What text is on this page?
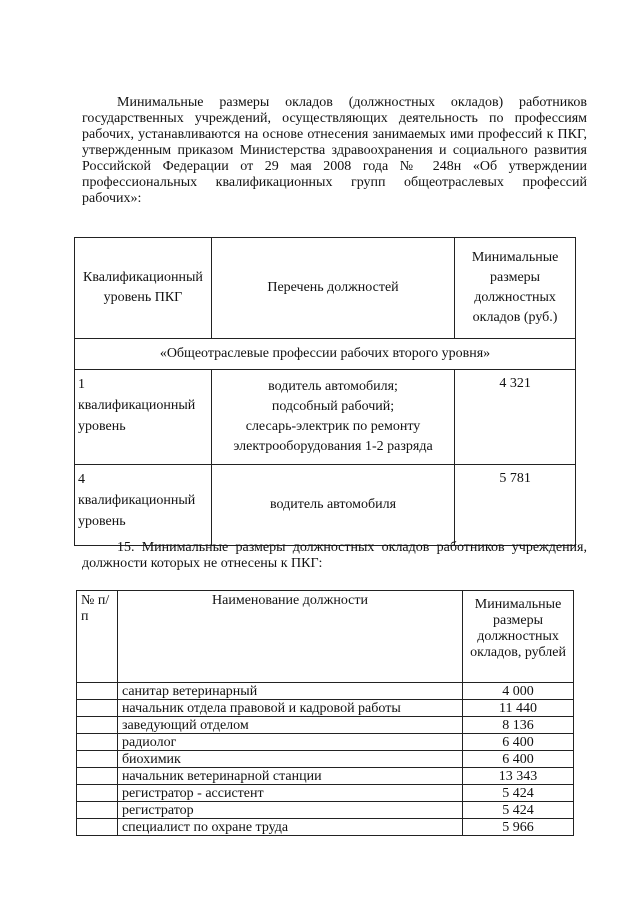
Минимальные размеры окладов (должностных окладов) работников государственных учреждений, осуществляющих деятельность по профессиям рабочих, устанавливаются на основе отнесения занимаемых ими профессий к ПКГ, утвержденным приказом Министерства здравоохранения и социального развития Российской Федерации от 29 мая 2008 года № 248н «Об утверждении профессиональных квалификационных групп общеотраслевых профессий рабочих»:

Квалификационный уровень ПКГ	Перечень должностей	Минимальные размеры должностных окладов (руб.)
«Общеотраслевые профессии рабочих второго уровня»		

1
квалификационный
уровень	водитель автомобиля;
подсобный рабочий;
слесарь-электрик по ремонту
электрооборудования 1-2 разряда	4 321

4
квалификационный
уровень	водитель автомобиля	5 781

15. Минимальные размеры должностных окладов работников учреждения, должности которых не отнесены к ПКГ:

№ п/п	Наименование должности	Минимальные размеры должностных окладов, рублей
	санитар ветеринарный	4 000
	начальник отдела правовой и кадровой работы	11 440
	заведующий отделом	8 136
	радиолог	6 400
	биохимик	6 400
	начальник ветеринарной станции	13 343
	регистратор - ассистент	5 424
	регистратор	5 424
	специалист по охране труда	5 966
